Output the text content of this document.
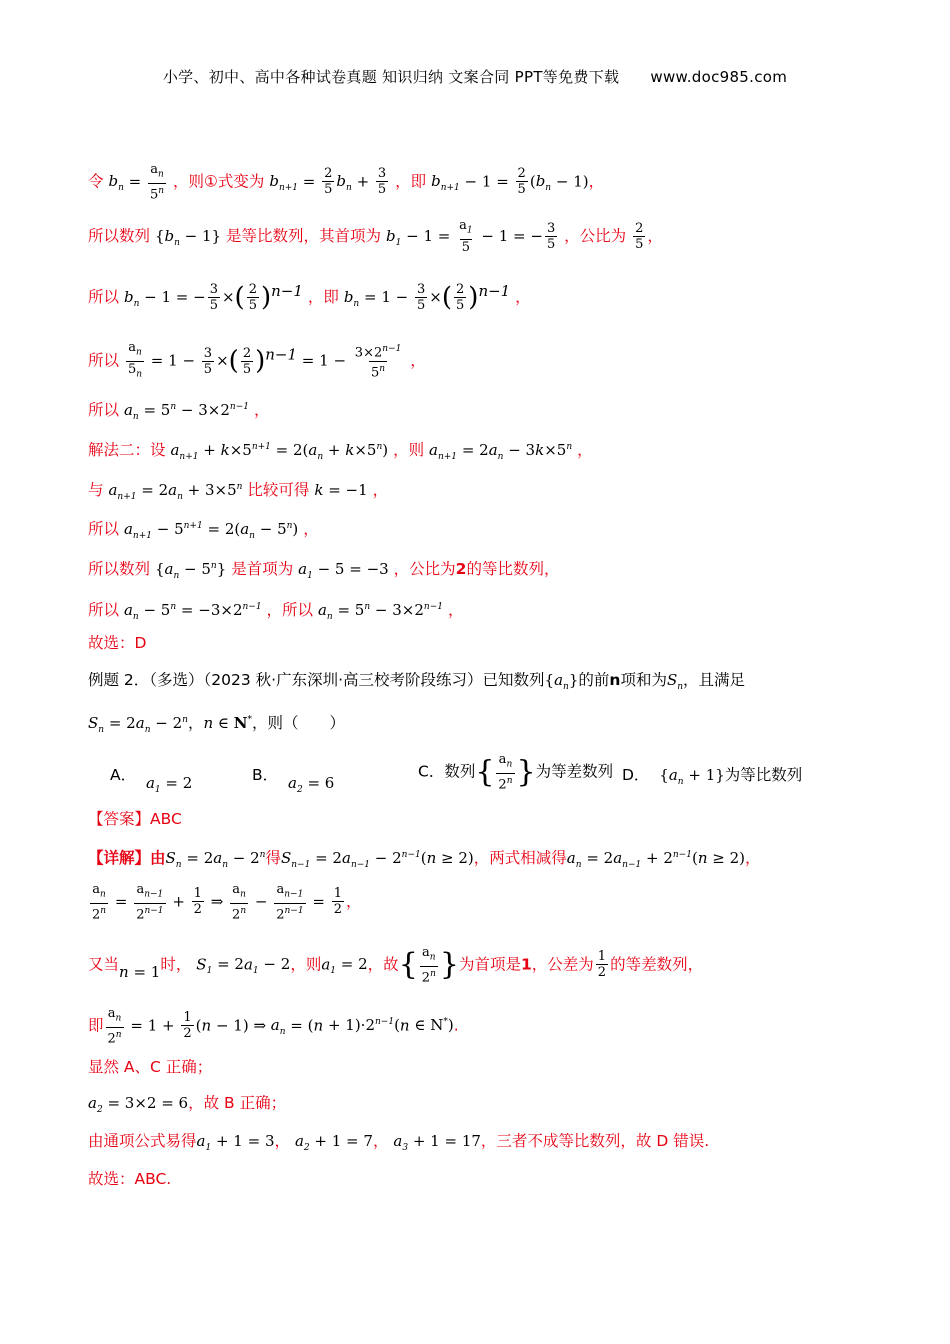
小学、初中、高中各种试卷真题 知识归纳 文案合同 PPT等免费下载 www.doc985.com
令 $b_n = \frac{a_n}{5^n}$ ，则①式变为 $b_{n+1} = \frac{2}{5} b_n + \frac{3}{5}$ ，即 $b_{n+1} - 1 = \frac{2}{5} (b_n - 1)$，
所以数列 $\{b_n - 1\}$ 是等比数列，其首项为 $b_1 - 1 = \frac{a_1}{5} - 1$ = − $\frac{3}{5}$ ，公比为 $\frac{2}{5}$ ，
所以 $b_n - 1$ = − $\frac{3}{5}$ ×( $\frac{2}{5} )^{n-1}$ ，即 $b_n = 1 - \frac{3}{5}$ ×( $\frac{2}{5} )^{n-1}$ ，
所以 $\frac{a_n}{5_n} = 1 - \frac{3}{5}$ ×( $\frac{2}{5} )^{n-1} = 1 - \frac{3\times 2^{n-1}}{5^n}$ ，
所以 $a_n = 5^n - 3\times 2^{n-1}$ ，
解法二：设 $a_{n+1} + k\times 5^{n+1} = 2(a_n + k\times 5^n)$ ，则 $a_{n+1} = 2a_n - 3k\times 5^n$ ，
与 $a_{n+1} = 2a_n + 3\times 5^n$ 比较可得 k = −1 ，
所以 $a_{n+1} - 5^{n+1} = 2(a_n - 5^n)$ ，
所以数列 $\{a_n - 5^n\}$ 是首项为 $a_1 - 5 = -3$ ，公比为2的等比数列，
所以 $a_n - 5^n = -3\times 2^{n-1}$ ，所以 $a_n = 5^n - 3\times 2^{n-1}$ ，
故选：D
例题 2．（多选）（2023 秋·广东深圳·高三校考阶段练习）已知数列$\{a_n\}$的前n项和为$S_n$，且满足
$S_n = 2a_n - 2^n$，n ∈ N*，则（　　）
A． $a_1 = 2$	B． $a_2 = 6$
C．数列{ $\frac{a_n}{2^n}$ }为等差数列 D． $\{a_n + 1\}$为等比数列
【答案】ABC
【详解】由$S_n = 2a_n - 2^n$得$S_{n-1} = 2a_{n-1} - 2^{n-1}(n \ge 2)$，两式相减得$a_n = 2a_{n-1} + 2^{n-1}(n \ge 2)$，
$\frac{a_n}{2^n} = \frac{a_{n-1}}{2^{n-1}} + \frac{1}{2}$ ⇒ $\frac{a_n}{2^n} - \frac{a_{n-1}}{2^{n-1}} = \frac{1}{2}$ ，
又当n = 1时， $S_1 = 2a_1 - 2$，则$a_1 = 2$，故{ $\frac{a_n}{2^n}$ }为首项是1，公差为 $\frac{1}{2}$ 的等差数列，
即 $\frac{a_n}{2^n} = 1 + \frac{1}{2} (n - 1)$ ⇒ $a_n = (n + 1)\cdot 2^{n-1}(n$ ∈ N*).
显然 A、C 正确；
$a_2 = 3\times 2 = 6$，故 B 正确；
由通项公式易得$a_1 + 1 = 3$， $a_2 + 1 = 7$， $a_3 + 1 = 17$，三者不成等比数列，故 D 错误.
故选：ABC.
